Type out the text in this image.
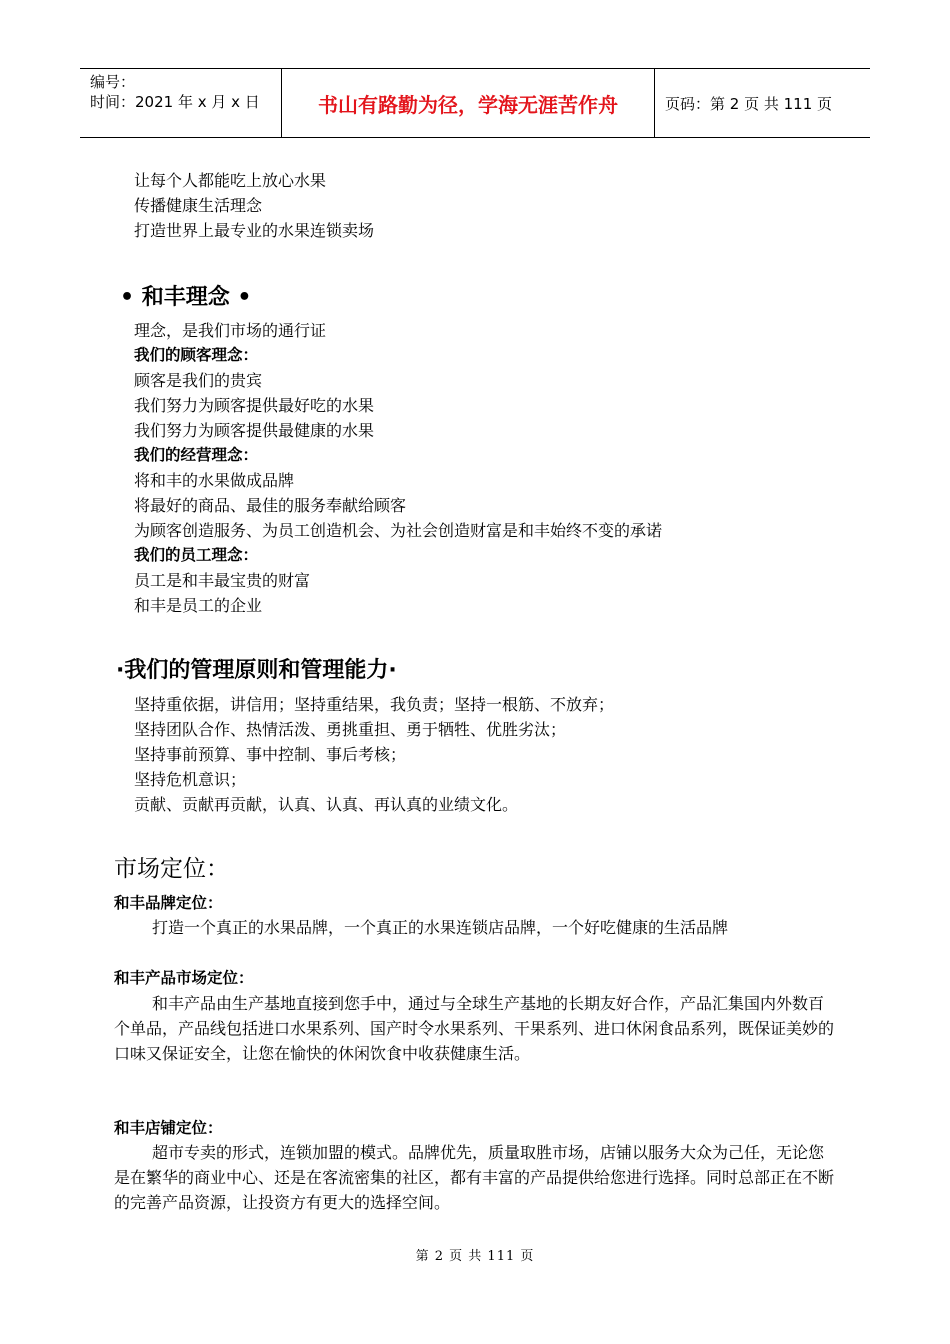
编号：
时间：2021 年 x 月 x 日	书山有路勤为径，学海无涯苦作舟	页码：第 2 页 共 111 页
让每个人都能吃上放心水果
传播健康生活理念
打造世界上最专业的水果连锁卖场
• 和丰理念 •
理念，是我们市场的通行证
我们的顾客理念：
顾客是我们的贵宾
我们努力为顾客提供最好吃的水果
我们努力为顾客提供最健康的水果
我们的经营理念：
将和丰的水果做成品牌
将最好的商品、最佳的服务奉献给顾客
为顾客创造服务、为员工创造机会、为社会创造财富是和丰始终不变的承诺
我们的员工理念：
员工是和丰最宝贵的财富
和丰是员工的企业
·我们的管理原则和管理能力·
坚持重依据，讲信用；坚持重结果，我负责；坚持一根筋、不放弃；
坚持团队合作、热情活泼、勇挑重担、勇于牺牲、优胜劣汰；
坚持事前预算、事中控制、事后考核；
坚持危机意识；
贡献、贡献再贡献，认真、认真、再认真的业绩文化。
市场定位：
和丰品牌定位：
打造一个真正的水果品牌，一个真正的水果连锁店品牌，一个好吃健康的生活品牌
和丰产品市场定位：
和丰产品由生产基地直接到您手中，通过与全球生产基地的长期友好合作，产品汇集国内外数百个单品，产品线包括进口水果系列、国产时令水果系列、干果系列、进口休闲食品系列，既保证美妙的口味又保证安全，让您在愉快的休闲饮食中收获健康生活。
和丰店铺定位：
超市专卖的形式，连锁加盟的模式。品牌优先，质量取胜市场，店铺以服务大众为己任，无论您是在繁华的商业中心、还是在客流密集的社区，都有丰富的产品提供给您进行选择。同时总部正在不断的完善产品资源，让投资方有更大的选择空间。
第 2 页 共 111 页
